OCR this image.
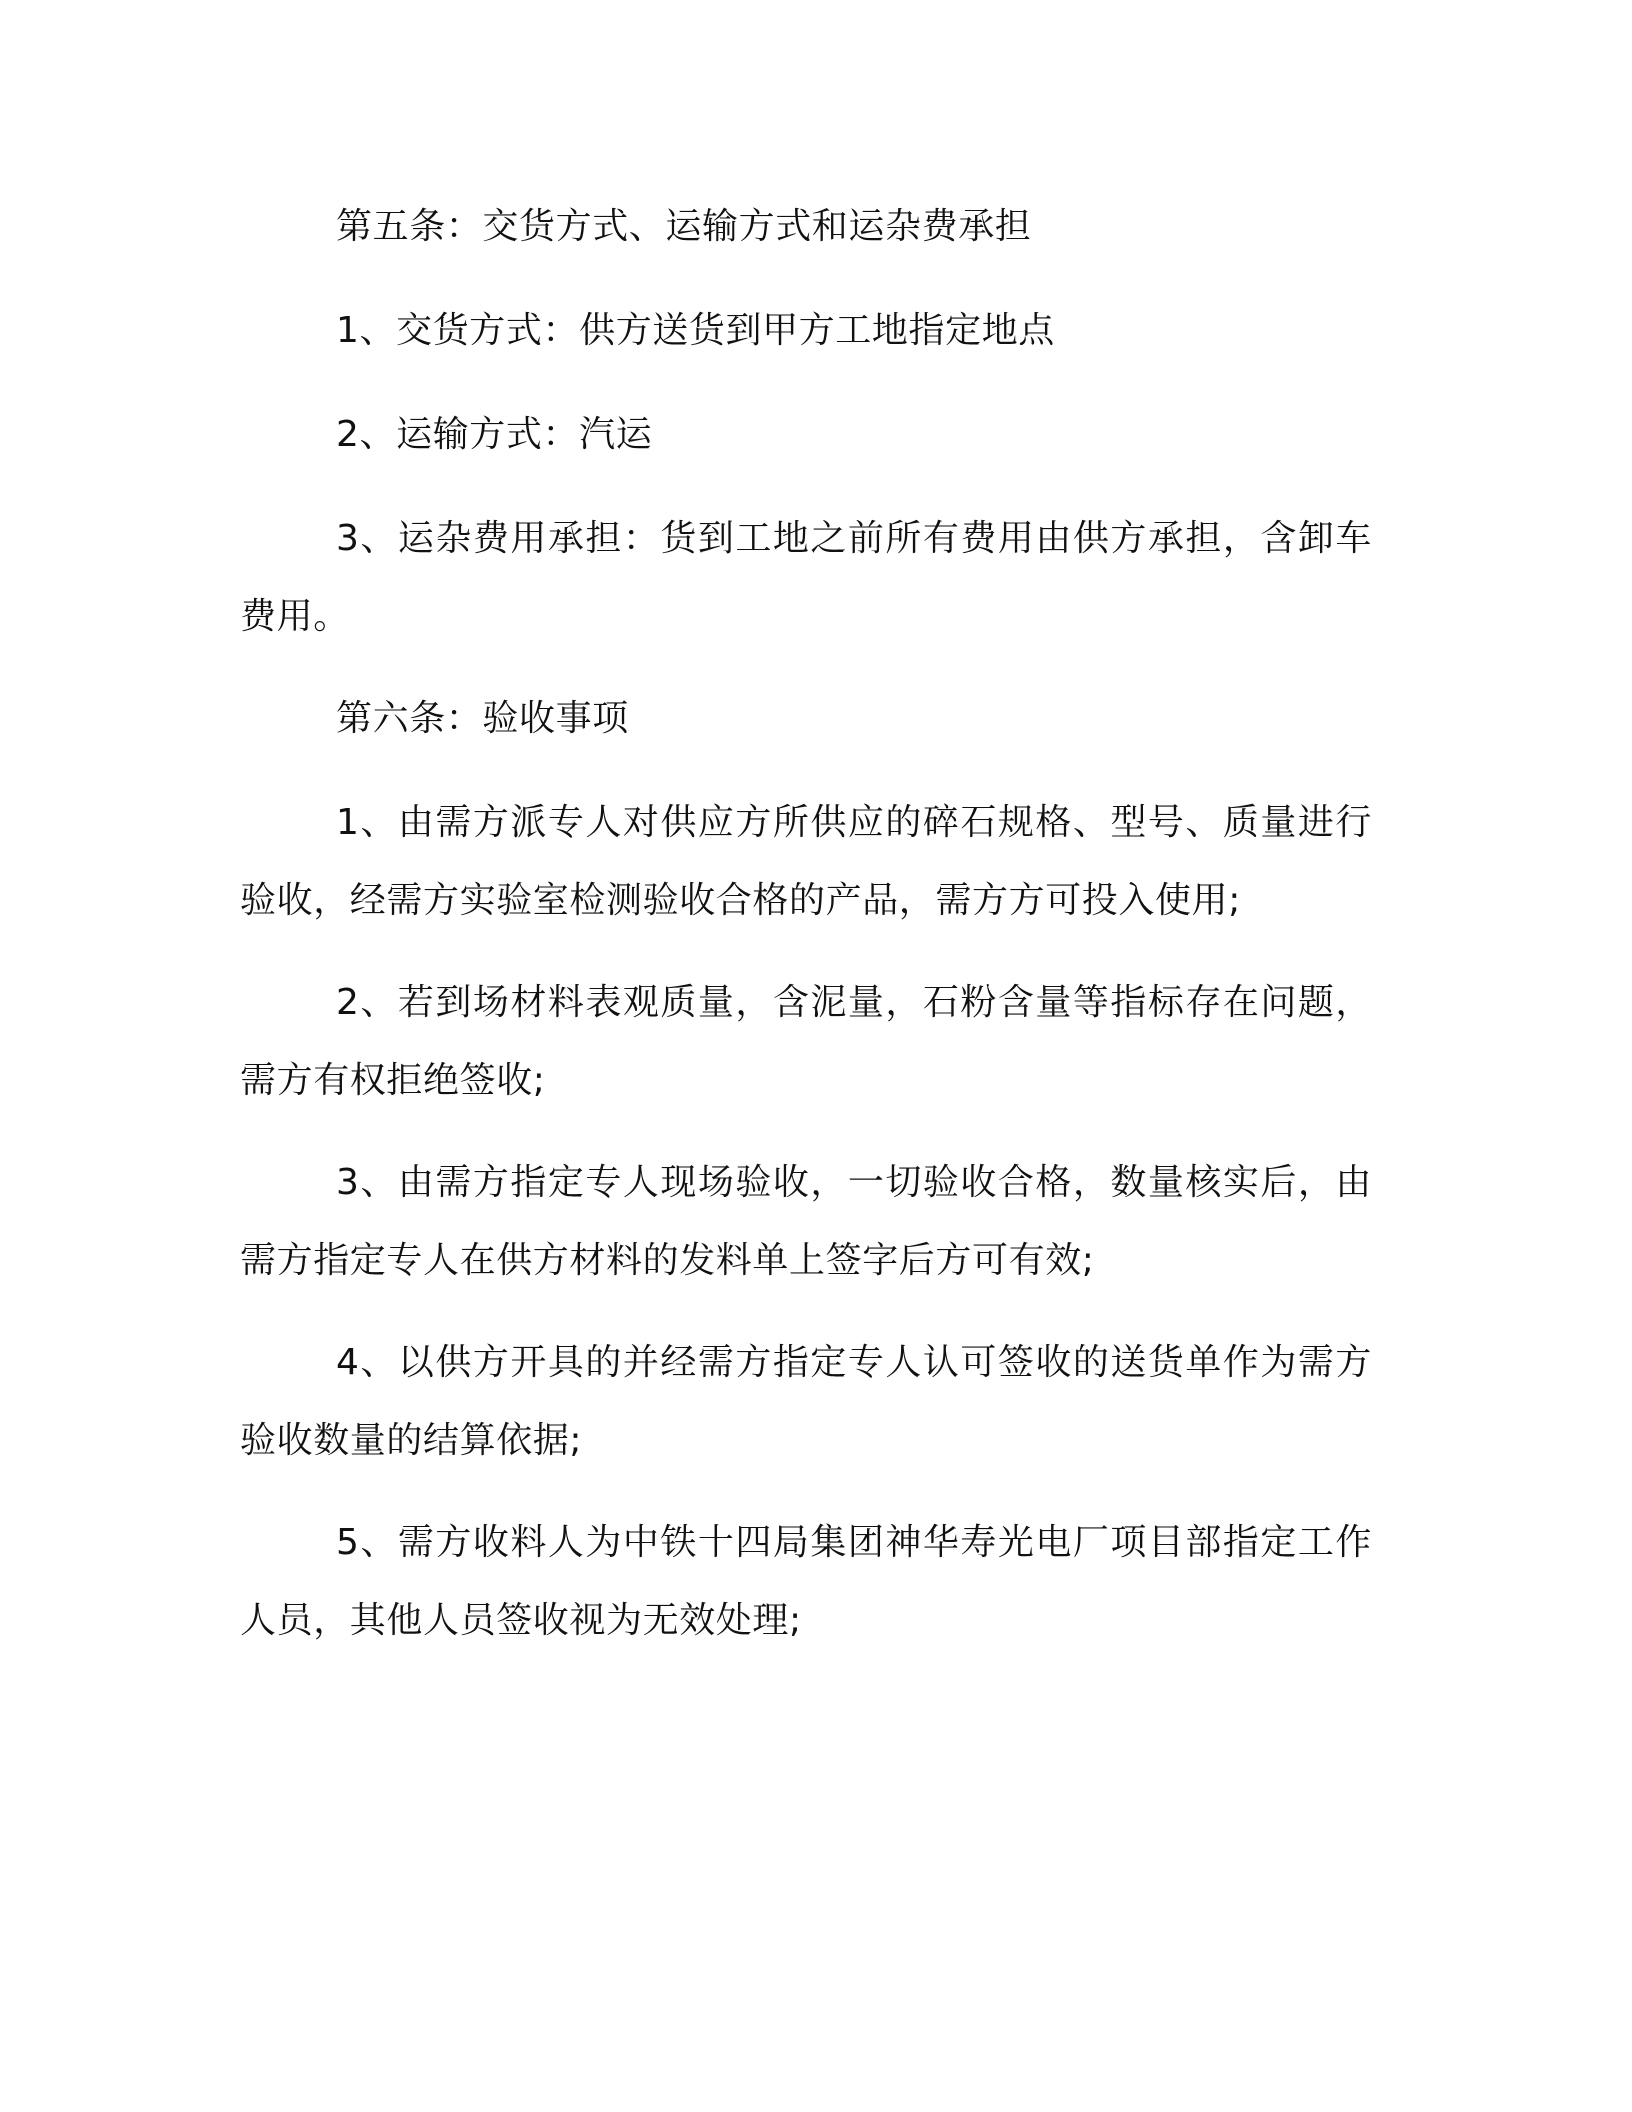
第五条：交货方式、运输方式和运杂费承担

1、交货方式：供方送货到甲方工地指定地点

2、运输方式：汽运

3、运杂费用承担：货到工地之前所有费用由供方承担，含卸车费用。

第六条：验收事项

1、由需方派专人对供应方所供应的碎石规格、型号、质量进行验收，经需方实验室检测验收合格的产品，需方方可投入使用;

2、若到场材料表观质量，含泥量，石粉含量等指标存在问题，需方有权拒绝签收;

3、由需方指定专人现场验收，一切验收合格，数量核实后，由需方指定专人在供方材料的发料单上签字后方可有效;

4、以供方开具的并经需方指定专人认可签收的送货单作为需方验收数量的结算依据;

5、需方收料人为中铁十四局集团神华寿光电厂项目部指定工作人员，其他人员签收视为无效处理;
